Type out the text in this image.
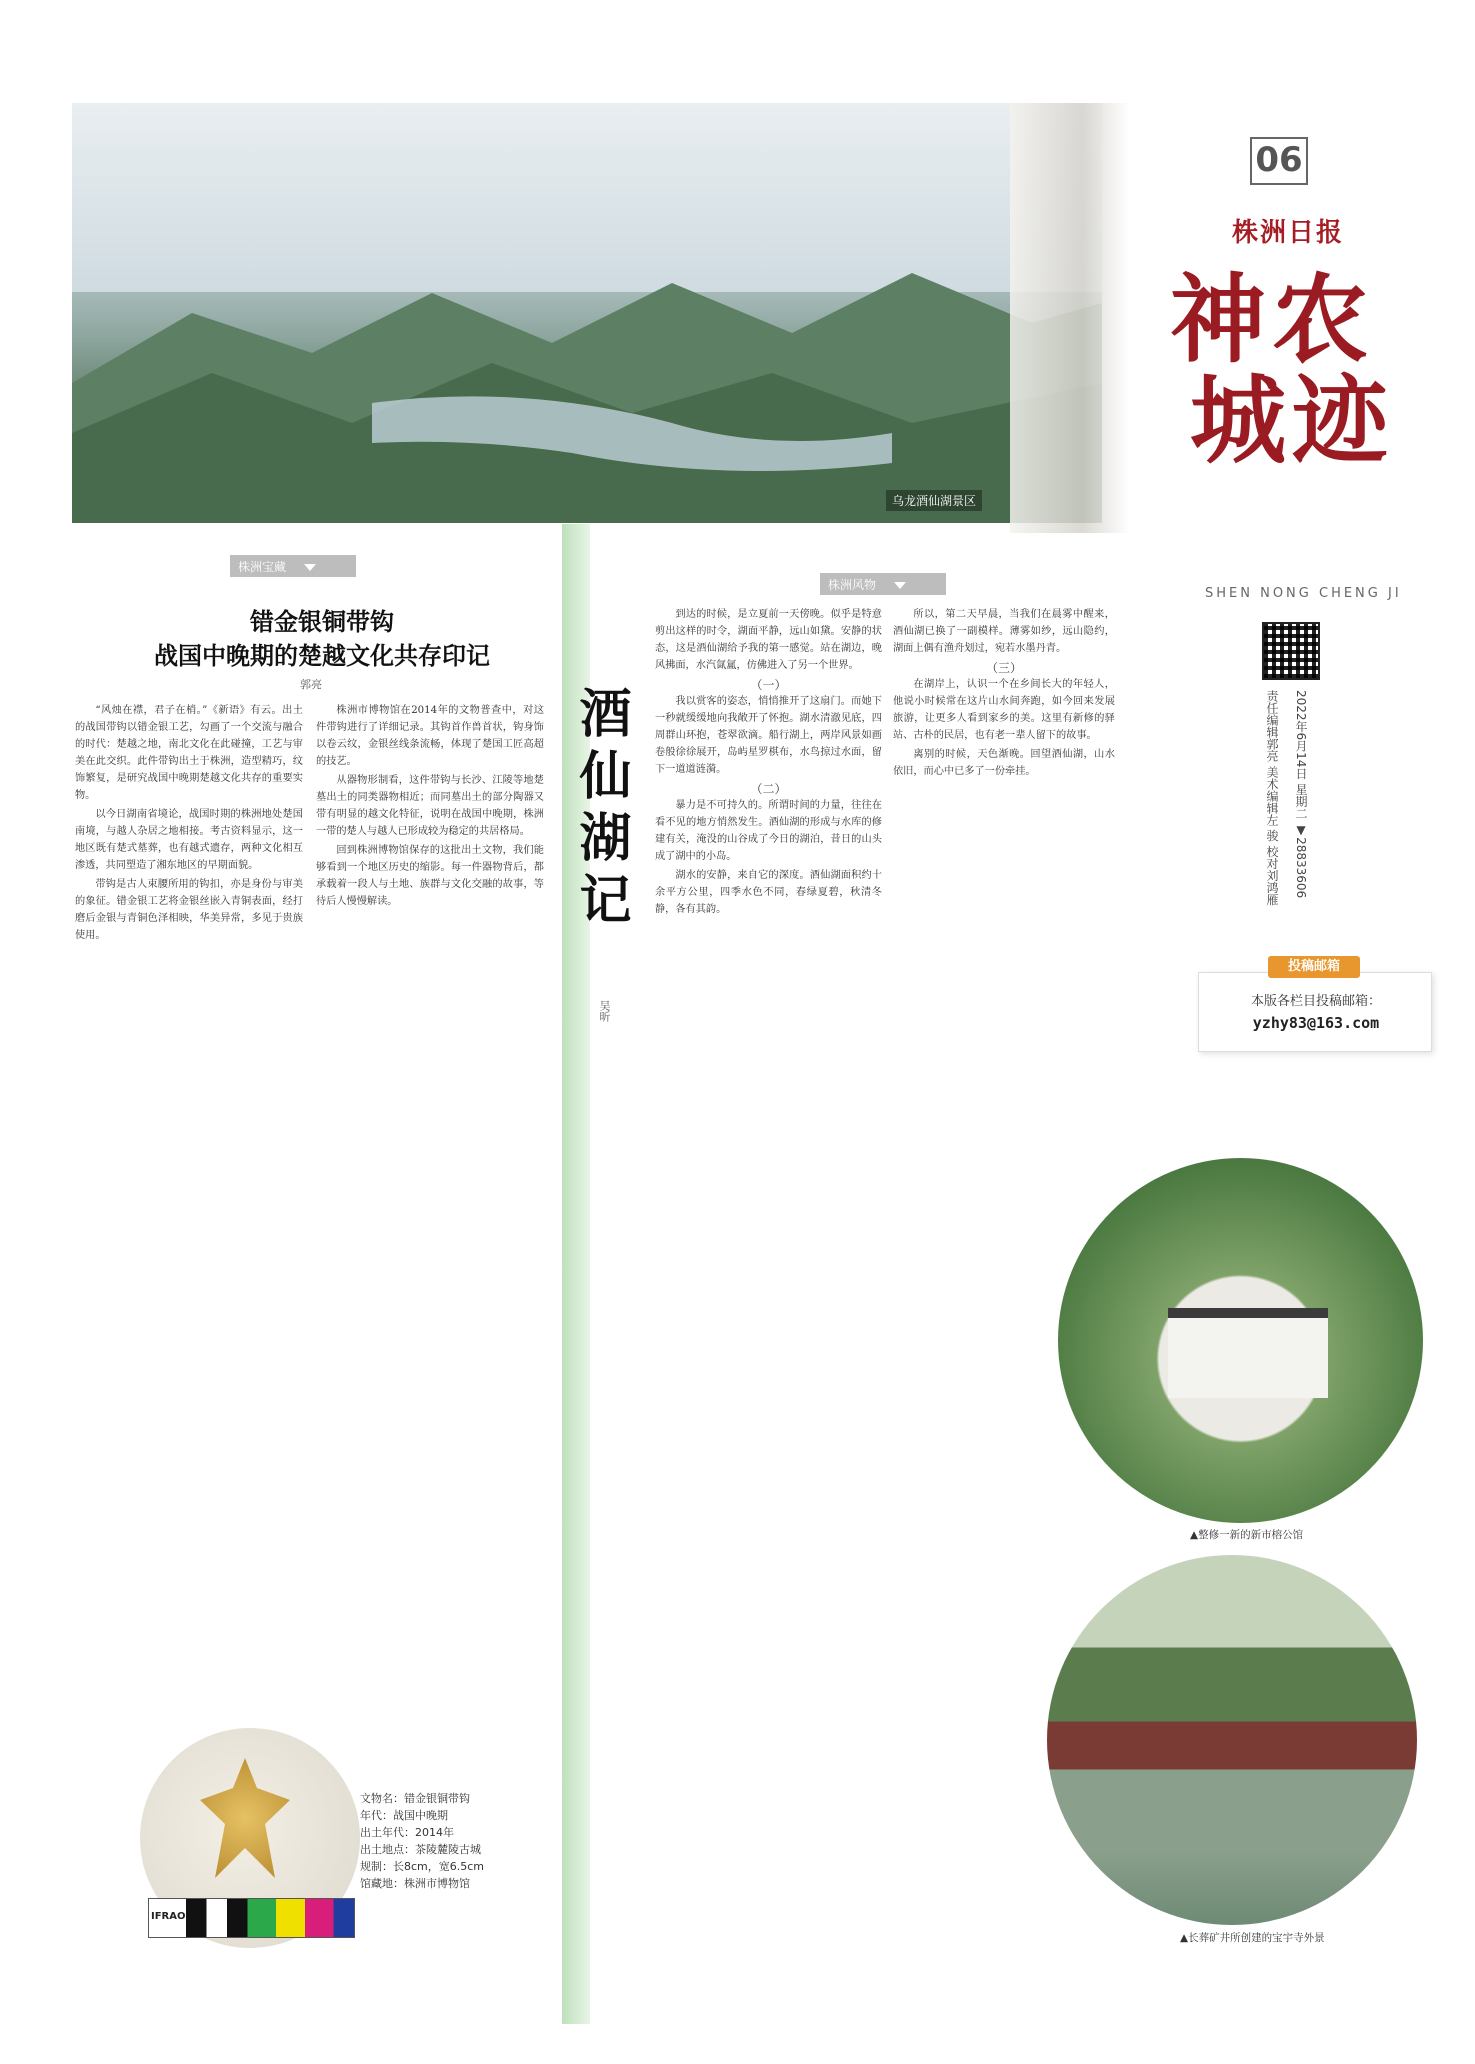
乌龙酒仙湖景区
06
株洲日报
神农
城迹
SHEN NONG CHENG JI
责任编辑郭亮 美术编辑左 骏 校对刘鸿雁	2022年6月14日 星期二 ▼28833606
株洲宝藏
错金银铜带钩
战国中晚期的楚越文化共存印记
郭亮

“风烛在襟，君子在梢。”《新语》有云。出土的战国带钩以错金银工艺，勾画了一个交流与融合的时代：楚越之地，南北文化在此碰撞，工艺与审美在此交织。此件带钩出土于株洲，造型精巧，纹饰繁复，是研究战国中晚期楚越文化共存的重要实物。

以今日湖南省境论，战国时期的株洲地处楚国南境，与越人杂居之地相接。考古资料显示，这一地区既有楚式墓葬，也有越式遗存，两种文化相互渗透，共同塑造了湘东地区的早期面貌。

带钩是古人束腰所用的钩扣，亦是身份与审美的象征。错金银工艺将金银丝嵌入青铜表面，经打磨后金银与青铜色泽相映，华美异常，多见于贵族使用。

株洲市博物馆在2014年的文物普查中，对这件带钩进行了详细记录。其钩首作兽首状，钩身饰以卷云纹，金银丝线条流畅，体现了楚国工匠高超的技艺。

从器物形制看，这件带钩与长沙、江陵等地楚墓出土的同类器物相近；而同墓出土的部分陶器又带有明显的越文化特征，说明在战国中晚期，株洲一带的楚人与越人已形成较为稳定的共居格局。

回到株洲博物馆保存的这批出土文物，我们能够看到一个地区历史的缩影。每一件器物背后，都承载着一段人与土地、族群与文化交融的故事，等待后人慢慢解读。

IFRAO
文物名：错金银铜带钩
年代：战国中晚期
出土年代：2014年
出土地点：茶陵麓陵古城
规制：长8cm，宽6.5cm
馆藏地：株洲市博物馆
株洲风物
酒仙湖记
吴昕

到达的时候，是立夏前一天傍晚。似乎是特意剪出这样的时令，湖面平静，远山如黛。安静的状态，这是酒仙湖给予我的第一感觉。站在湖边，晚风拂面，水汽氤氲，仿佛进入了另一个世界。

（一）

我以赏客的姿态，悄悄推开了这扇门。而她下一秒就缓缓地向我敞开了怀抱。湖水清澈见底，四周群山环抱，苍翠欲滴。船行湖上，两岸风景如画卷般徐徐展开，岛屿星罗棋布，水鸟掠过水面，留下一道道涟漪。

（二）

暴力是不可持久的。所谓时间的力量，往往在看不见的地方悄然发生。酒仙湖的形成与水库的修建有关，淹没的山谷成了今日的湖泊，昔日的山头成了湖中的小岛。

湖水的安静，来自它的深度。酒仙湖面积约十余平方公里，四季水色不同，春绿夏碧，秋清冬静，各有其韵。

所以，第二天早晨，当我们在晨雾中醒来，酒仙湖已换了一副模样。薄雾如纱，远山隐约，湖面上偶有渔舟划过，宛若水墨丹青。

（三）

在湖岸上，认识一个在乡间长大的年轻人，他说小时候常在这片山水间奔跑，如今回来发展旅游，让更多人看到家乡的美。这里有新修的驿站、古朴的民居，也有老一辈人留下的故事。

离别的时候，天色渐晚。回望酒仙湖，山水依旧，而心中已多了一份牵挂。

投稿邮箱
本版各栏目投稿邮箱：
yzhy83@163.com
▲整修一新的新市榕公馆
▲长葬矿井所创建的宝宇寺外景
